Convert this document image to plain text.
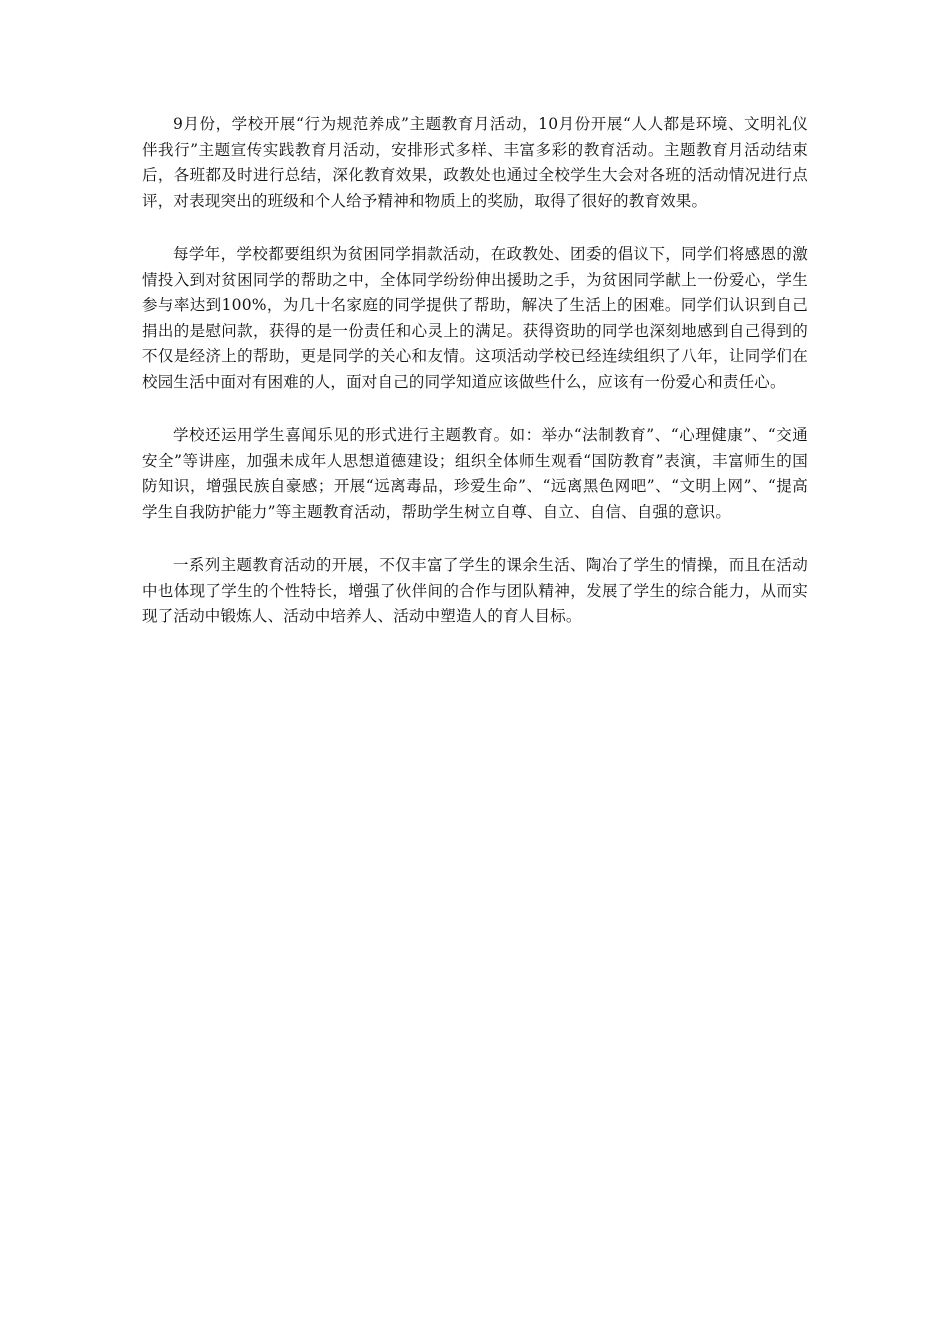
9月份，学校开展“行为规范养成”主题教育月活动，10月份开展“人人都是环境、文明礼仪伴我行”主题宣传实践教育月活动，安排形式多样、丰富多彩的教育活动。主题教育月活动结束后，各班都及时进行总结，深化教育效果，政教处也通过全校学生大会对各班的活动情况进行点评，对表现突出的班级和个人给予精神和物质上的奖励，取得了很好的教育效果。

每学年，学校都要组织为贫困同学捐款活动，在政教处、团委的倡议下，同学们将感恩的激情投入到对贫困同学的帮助之中，全体同学纷纷伸出援助之手，为贫困同学献上一份爱心，学生参与率达到100%，为几十名家庭的同学提供了帮助，解决了生活上的困难。同学们认识到自己捐出的是慰问款，获得的是一份责任和心灵上的满足。获得资助的同学也深刻地感到自己得到的不仅是经济上的帮助，更是同学的关心和友情。这项活动学校已经连续组织了八年，让同学们在校园生活中面对有困难的人，面对自己的同学知道应该做些什么，应该有一份爱心和责任心。

学校还运用学生喜闻乐见的形式进行主题教育。如：举办“法制教育”、“心理健康”、“交通安全”等讲座，加强未成年人思想道德建设；组织全体师生观看“国防教育”表演，丰富师生的国防知识，增强民族自豪感；开展“远离毒品，珍爱生命”、“远离黑色网吧”、“文明上网”、“提高学生自我防护能力”等主题教育活动，帮助学生树立自尊、自立、自信、自强的意识。

一系列主题教育活动的开展，不仅丰富了学生的课余生活、陶冶了学生的情操，而且在活动中也体现了学生的个性特长，增强了伙伴间的合作与团队精神，发展了学生的综合能力，从而实现了活动中锻炼人、活动中培养人、活动中塑造人的育人目标。
